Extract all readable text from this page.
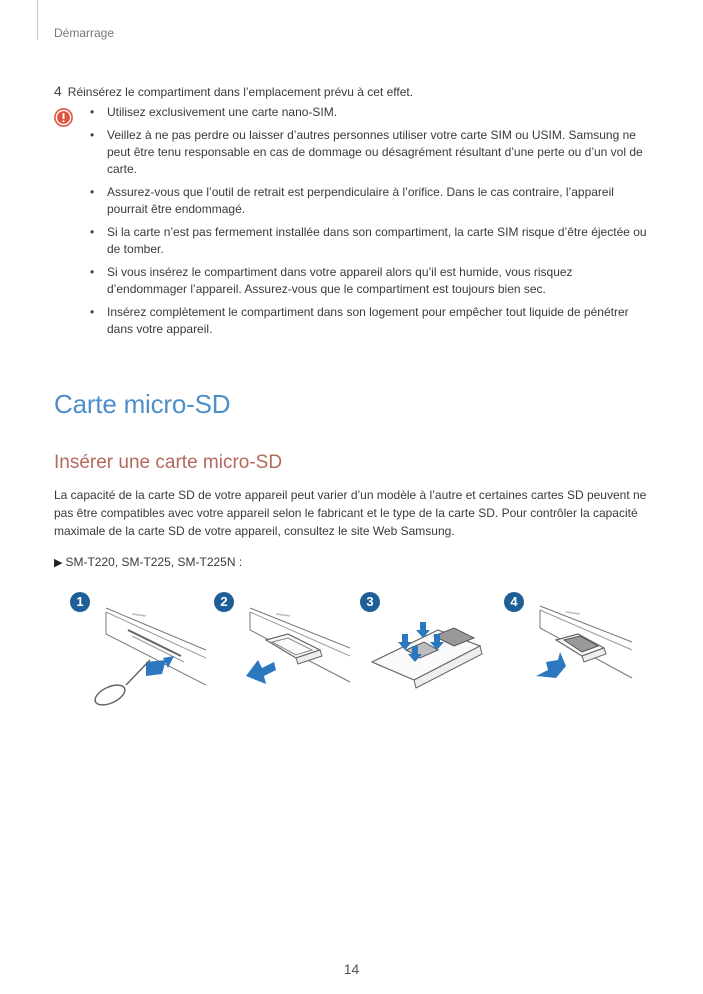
Démarrage
4 Réinsérez le compartiment dans l’emplacement prévu à cet effet.
• Utilisez exclusivement une carte nano-SIM.
• Veillez à ne pas perdre ou laisser d’autres personnes utiliser votre carte SIM ou USIM. Samsung ne peut être tenu responsable en cas de dommage ou désagrément résultant d’une perte ou d’un vol de carte.
• Assurez-vous que l’outil de retrait est perpendiculaire à l’orifice. Dans le cas contraire, l’appareil pourrait être endommagé.
• Si la carte n’est pas fermement installée dans son compartiment, la carte SIM risque d’être éjectée ou de tomber.
• Si vous insérez le compartiment dans votre appareil alors qu’il est humide, vous risquez d’endommager l’appareil. Assurez-vous que le compartiment est toujours bien sec.
• Insérez complètement le compartiment dans son logement pour empêcher tout liquide de pénétrer dans votre appareil.
Carte micro-SD
Insérer une carte micro-SD

La capacité de la carte SD de votre appareil peut varier d’un modèle à l’autre et certaines cartes SD peuvent ne pas être compatibles avec votre appareil selon le fabricant et le type de la carte SD. Pour contrôler la capacité maximale de la carte SD de votre appareil, consultez le site Web Samsung.

▶ SM-T220, SM-T225, SM-T225N :
1	2	3	4
14
